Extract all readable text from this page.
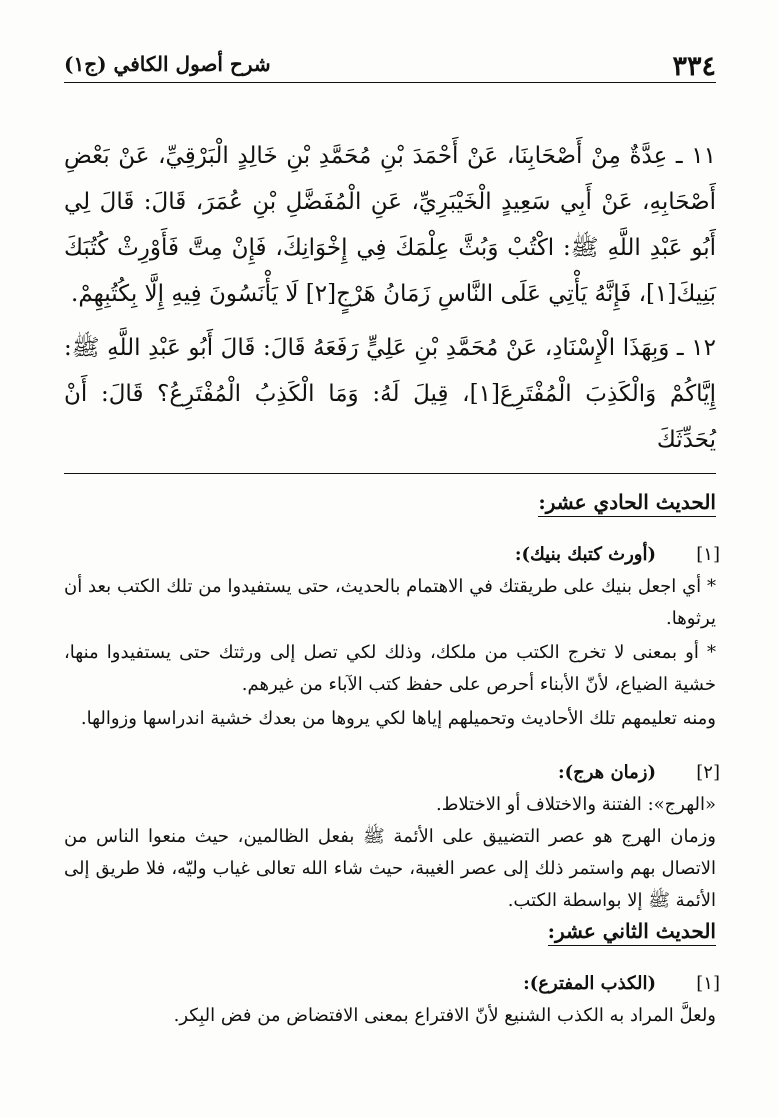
٣٣٤
شرح أصول الكافي (ج١)

١١ ـ عِدَّةٌ مِنْ أَصْحَابِنَا، عَنْ أَحْمَدَ بْنِ مُحَمَّدِ بْنِ خَالِدٍ الْبَرْقِيِّ، عَنْ بَعْضِ أَصْحَابِهِ، عَنْ أَبِي سَعِيدٍ الْخَيْبَرِيِّ، عَنِ الْمُفَضَّلِ بْنِ عُمَرَ، قَالَ: قَالَ لِي أَبُو عَبْدِ اللَّهِ ﷺ: اكْتُبْ وَبُثَّ عِلْمَكَ فِي إِخْوَانِكَ، فَإِنْ مِتَّ فَأَوْرِثْ كُتُبَكَ بَنِيكَ[١]، فَإِنَّهُ يَأْتِي عَلَى النَّاسِ زَمَانُ هَرْجٍ[٢] لَا يَأْنَسُونَ فِيهِ إِلَّا بِكُتُبِهِمْ.

١٢ ـ وَبِهَذَا الْإِسْنَادِ، عَنْ مُحَمَّدِ بْنِ عَلِيٍّ رَفَعَهُ قَالَ: قَالَ أَبُو عَبْدِ اللَّهِ ﷺ: إِيَّاكُمْ وَالْكَذِبَ الْمُفْتَرِعَ[١]، قِيلَ لَهُ: وَمَا الْكَذِبُ الْمُفْتَرِعُ؟ قَالَ: أَنْ يُحَدِّثَكَ

الحديث الحادي عشر:
[١]
(أورث كتبك بنيك):

* أي اجعل بنيك على طريقتك في الاهتمام بالحديث، حتى يستفيدوا من تلك الكتب بعد أن يرثوها.

* أو بمعنى لا تخرج الكتب من ملكك، وذلك لكي تصل إلى ورثتك حتى يستفيدوا منها، خشية الضياع، لأنّ الأبناء أحرص على حفظ كتب الآباء من غيرهم.

ومنه تعليمهم تلك الأحاديث وتحميلهم إياها لكي يروها من بعدك خشية اندراسها وزوالها.

[٢]
(زمان هرج):

«الهرج»: الفتنة والاختلاف أو الاختلاط.

وزمان الهرج هو عصر التضييق على الأئمة ﷺ بفعل الظالمين، حيث منعوا الناس من الاتصال بهم واستمر ذلك إلى عصر الغيبة، حيث شاء الله تعالى غياب وليّه، فلا طريق إلى الأئمة ﷺ إلا بواسطة الكتب.

الحديث الثاني عشر:
[١]
(الكذب المفترع):

ولعلَّ المراد به الكذب الشنيع لأنّ الافتراع بمعنى الافتضاض من فض البِكر.
